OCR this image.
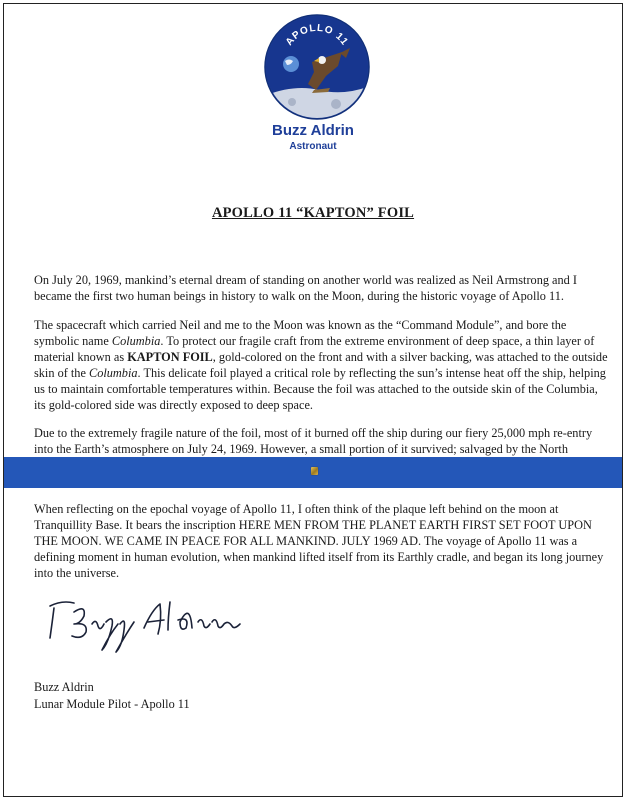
APOLLO 11
Buzz Aldrin
Astronaut
APOLLO 11 “KAPTON” FOIL

On July 20, 1969, mankind’s eternal dream of standing on another world was realized as Neil Armstrong and I became the first two human beings in history to walk on the Moon, during the historic voyage of Apollo 11.

The spacecraft which carried Neil and me to the Moon was known as the “Command Module”, and bore the symbolic name Columbia. To protect our fragile craft from the extreme environment of deep space, a thin layer of material known as KAPTON FOIL, gold-colored on the front and with a silver backing, was attached to the outside skin of the Columbia. This delicate foil played a critical role by reflecting the sun’s intense heat off the ship, helping us to maintain comfortable temperatures within. Because the foil was attached to the outside skin of the Columbia, its gold-colored side was directly exposed to deep space.

Due to the extremely fragile nature of the foil, most of it burned off the ship during our fiery 25,000 mph re-entry into the Earth’s atmosphere on July 24, 1969. However, a small portion of it survived; salvaged by the North

When reflecting on the epochal voyage of Apollo 11, I often think of the plaque left behind on the moon at Tranquillity Base. It bears the inscription HERE MEN FROM THE PLANET EARTH FIRST SET FOOT UPON THE MOON. WE CAME IN PEACE FOR ALL MANKIND. JULY 1969 AD. The voyage of Apollo 11 was a defining moment in human evolution, when mankind lifted itself from its Earthly cradle, and began its long journey into the universe.

Buzz Aldrin
Buzz Aldrin
Lunar Module Pilot - Apollo 11
